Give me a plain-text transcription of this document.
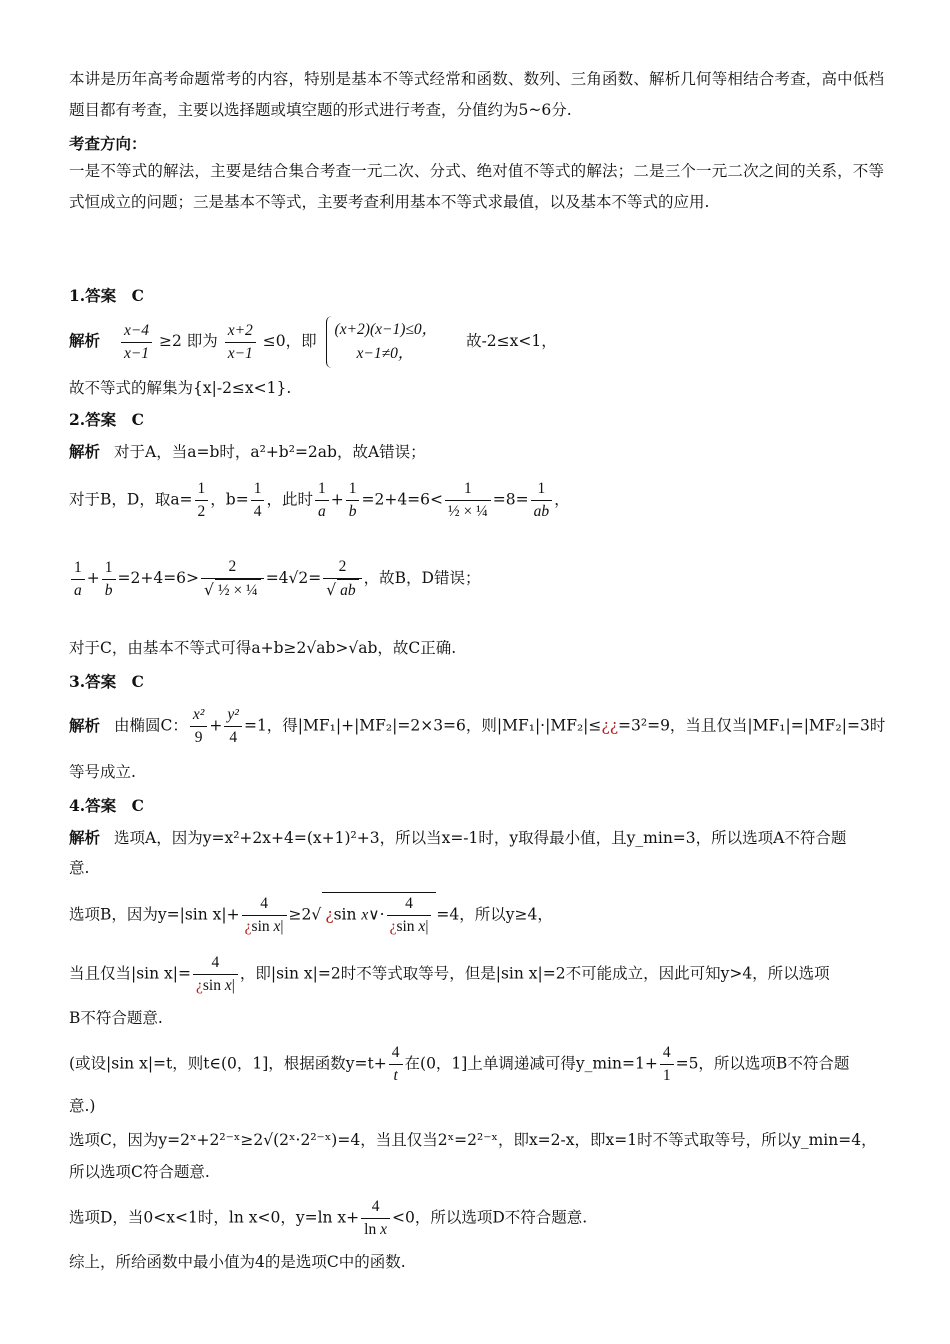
本讲是历年高考命题常考的内容，特别是基本不等式经常和函数、数列、三角函数、解析几何等相结合考查，高中低档题目都有考查，主要以选择题或填空题的形式进行考查，分值约为5~6分.
考查方向：
一是不等式的解法，主要是结合集合考查一元二次、分式、绝对值不等式的解法；二是三个一元二次之间的关系，不等式恒成立的问题；三是基本不等式，主要考查利用基本不等式求最值，以及基本不等式的应用.
1.答案　C
解析 $\frac{x-4}{x-1} \ge 2$ 即为 $\frac{x+2}{x-1} \le 0$，即
(x+2)(x−1)≤0，
x−1≠0，
故-2≤x<1，
故不等式的解集为{x|-2≤x<1}.
2.答案　C
解析 对于A，当a=b时，a²+b²=2ab，故A错误；
对于B，D，取$a= \frac{1}{2}$ ，$b= \frac{1}{4}$ ，此时 $\frac{1}{a} + \frac{1}{b} =2+4=6< \frac{1}{\text{½ × ¼}} =8= \frac{1}{ab}$ ，
$\frac{1}{a} + \frac{1}{b} =2+4=6> \frac{2}{\text{√ ½ × ¼}} =4√2= \frac{2}{√ ab}$ ，故B，D错误；
对于C，由基本不等式可得a+b≥2√ab>√ab，故C正确.
3.答案　C
解析 由椭圆C： $\frac{\text{x²}}{9} + \frac{\text{y²}}{4} =1$，得|MF₁|+|MF₂|=2×3=6，则|MF₁|·|MF₂|≤¿¿=3²=9，当且仅当|MF₁|=|MF₂|=3时
等号成立.
4.答案　C
解析 选项A，因为y=x²+2x+4=(x+1)²+3，所以当x=-1时，y取得最小值，且y_min=3，所以选项A不符合题
意.
选项B，因为y=|sin $x|+ \frac{4}{\text{¿sin x|}} \ge 2√$ ¿sin x∨· $\frac{4}{\text{¿sin x|}} =4$，所以y≥4，
当且仅当|sin $x|= \frac{4}{\text{¿sin x|}}$ ，即|sin x|=2时不等式取等号，但是|sin x|=2不可能成立，因此可知y>4，所以选项
B不符合题意.
(或设|sin x|=t，则t∈(0，1]，根据函数$y=t+ \frac{4}{t}$ 在(0，1]上单调递减可得y_min=1+ $\frac{4}{1} =5$，所以选项B不符合题
意.)
选项C，因为y=2ˣ+2²⁻ˣ≥2√(2ˣ·2²⁻ˣ)=4，当且仅当2ˣ=2²⁻ˣ，即x=2-x，即x=1时不等式取等号，所以y_min=4，
所以选项C符合题意.
选项D，当0<x<1时，ln x<0，y=ln $x+ \frac{4}{\text{ln x}} <0$，所以选项D不符合题意.
综上，所给函数中最小值为4的是选项C中的函数.
